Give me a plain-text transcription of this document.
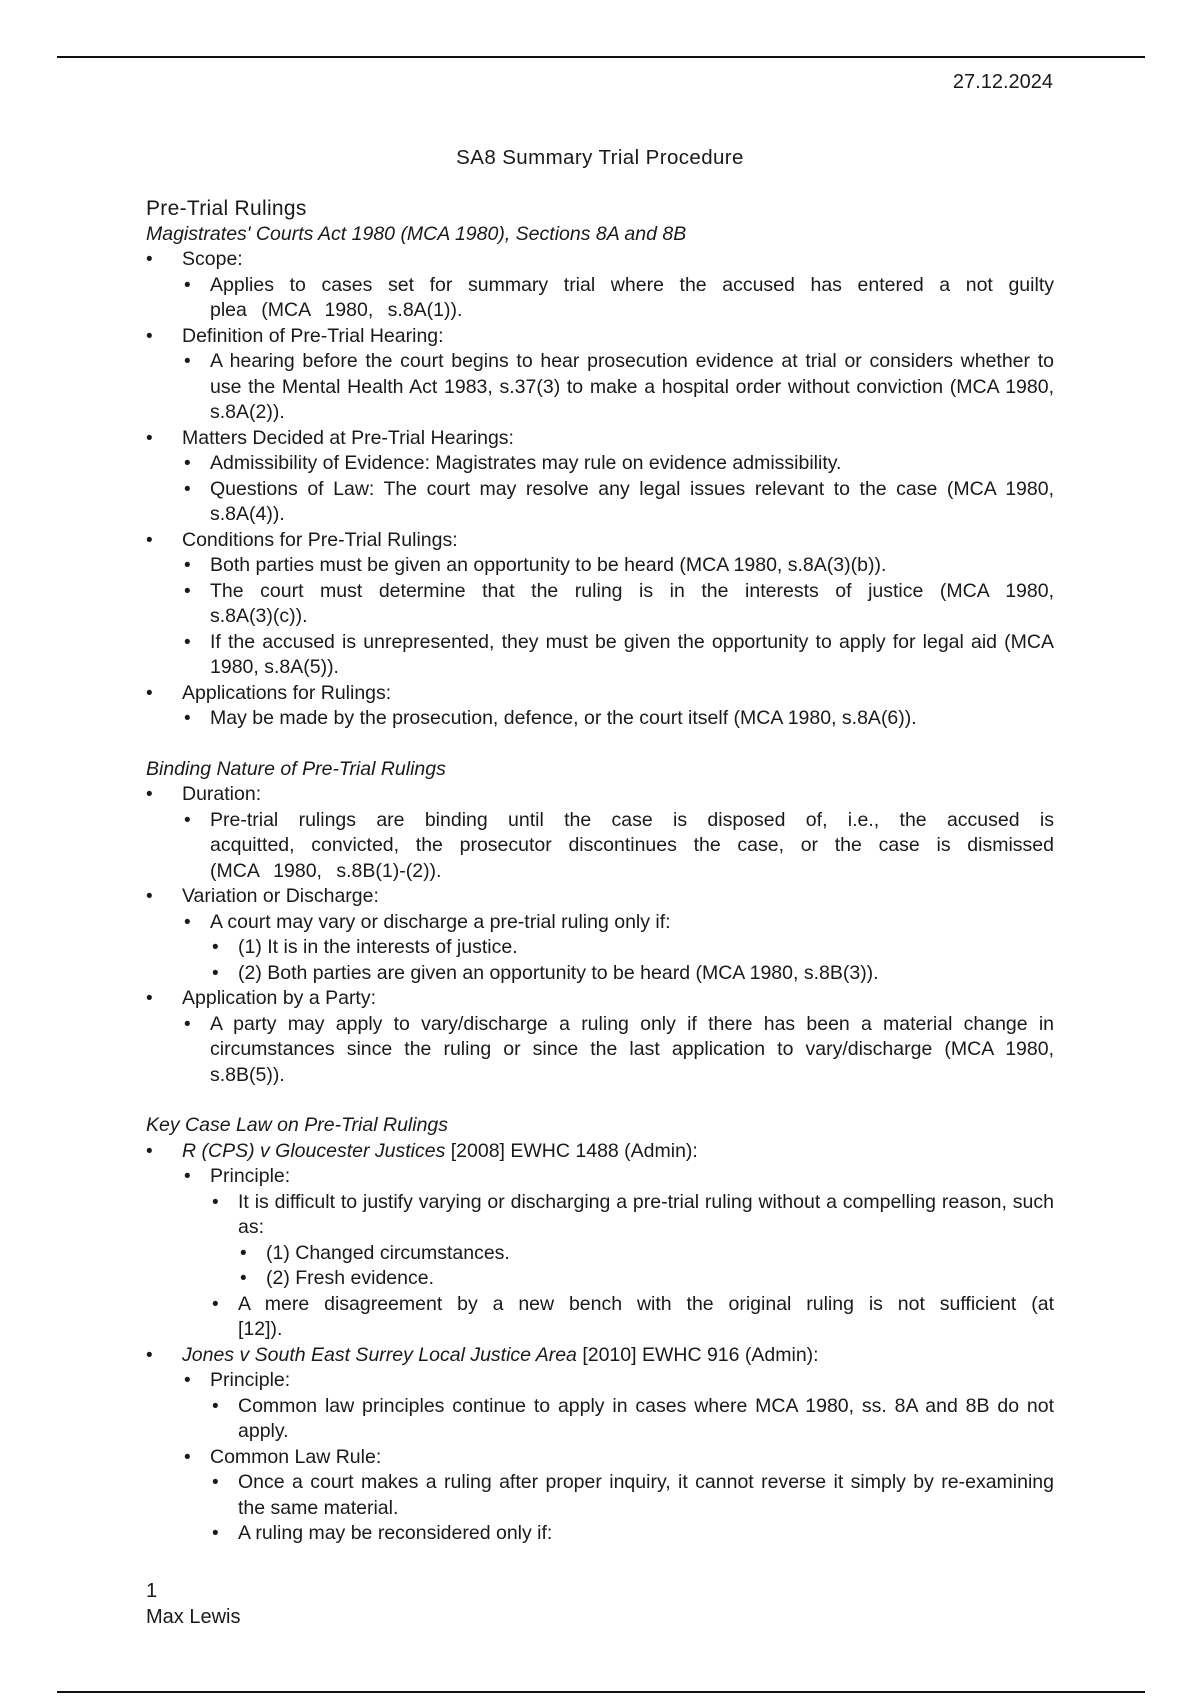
27.12.2024
SA8 Summary Trial Procedure

Pre-Trial Rulings

Magistrates' Courts Act 1980 (MCA 1980), Sections 8A and 8B

• Scope:
• Applies to cases set for summary trial where the accused has entered a not guilty plea (MCA 1980, s.8A(1)).
• Definition of Pre-Trial Hearing:
• A hearing before the court begins to hear prosecution evidence at trial or considers whether to use the Mental Health Act 1983, s.37(3) to make a hospital order without conviction (MCA 1980, s.8A(2)).
• Matters Decided at Pre-Trial Hearings:
• Admissibility of Evidence: Magistrates may rule on evidence admissibility.
• Questions of Law: The court may resolve any legal issues relevant to the case (MCA 1980, s.8A(4)).
• Conditions for Pre-Trial Rulings:
• Both parties must be given an opportunity to be heard (MCA 1980, s.8A(3)(b)).
• The court must determine that the ruling is in the interests of justice (MCA 1980, s.8A(3)(c)).
• If the accused is unrepresented, they must be given the opportunity to apply for legal aid (MCA 1980, s.8A(5)).
• Applications for Rulings:
• May be made by the prosecution, defence, or the court itself (MCA 1980, s.8A(6)).

Binding Nature of Pre-Trial Rulings

• Duration:
• Pre-trial rulings are binding until the case is disposed of, i.e., the accused is acquitted, convicted, the prosecutor discontinues the case, or the case is dismissed (MCA 1980, s.8B(1)-(2)).
• Variation or Discharge:
• A court may vary or discharge a pre-trial ruling only if:
• (1) It is in the interests of justice.
• (2) Both parties are given an opportunity to be heard (MCA 1980, s.8B(3)).
• Application by a Party:
• A party may apply to vary/discharge a ruling only if there has been a material change in circumstances since the ruling or since the last application to vary/discharge (MCA 1980, s.8B(5)).

Key Case Law on Pre-Trial Rulings

• R (CPS) v Gloucester Justices [2008] EWHC 1488 (Admin):
• Principle:
• It is difficult to justify varying or discharging a pre-trial ruling without a compelling reason, such as:
• (1) Changed circumstances.
• (2) Fresh evidence.
• A mere disagreement by a new bench with the original ruling is not sufficient (at [12]).
• Jones v South East Surrey Local Justice Area [2010] EWHC 916 (Admin):
• Principle:
• Common law principles continue to apply in cases where MCA 1980, ss. 8A and 8B do not apply.
• Common Law Rule:
• Once a court makes a ruling after proper inquiry, it cannot reverse it simply by re-examining the same material.
• A ruling may be reconsidered only if:
1
Max Lewis
